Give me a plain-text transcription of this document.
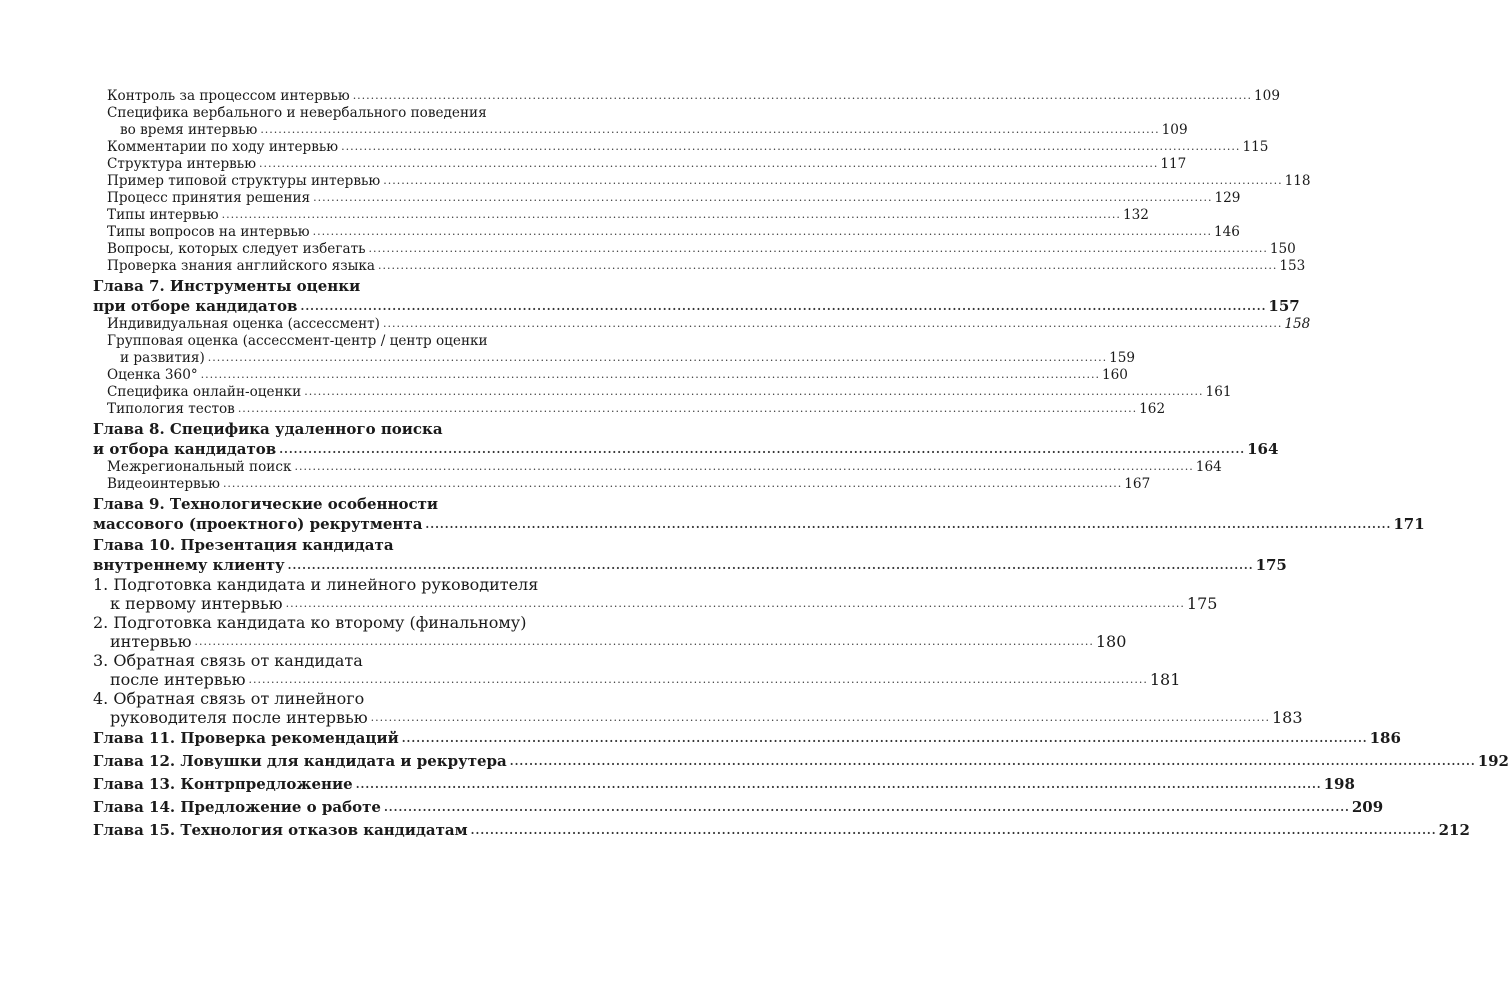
Контроль за процессом интервью ........................................................................................................................................................................................................ 109
Специфика вербального и невербального поведения
во время интервью ........................................................................................................................................................................................................ 109
Комментарии по ходу интервью ........................................................................................................................................................................................................ 115
Структура интервью ........................................................................................................................................................................................................ 117
Пример типовой структуры интервью ........................................................................................................................................................................................................ 118
Процесс принятия решения ........................................................................................................................................................................................................ 129
Типы интервью ........................................................................................................................................................................................................ 132
Типы вопросов на интервью ........................................................................................................................................................................................................ 146
Вопросы, которых следует избегать ........................................................................................................................................................................................................ 150
Проверка знания английского языка ........................................................................................................................................................................................................ 153
Глава 7. Инструменты оценки
при отборе кандидатов ........................................................................................................................................................................................................ 157
Индивидуальная оценка (ассессмент) ........................................................................................................................................................................................................ 158
Групповая оценка (ассессмент-центр / центр оценки
и развития) ........................................................................................................................................................................................................ 159
Оценка 360° ........................................................................................................................................................................................................ 160
Специфика онлайн-оценки ........................................................................................................................................................................................................ 161
Типология тестов ........................................................................................................................................................................................................ 162
Глава 8. Специфика удаленного поиска
и отбора кандидатов ........................................................................................................................................................................................................ 164
Межрегиональный поиск ........................................................................................................................................................................................................ 164
Видеоинтервью ........................................................................................................................................................................................................ 167
Глава 9. Технологические особенности
массового (проектного) рекрутмента ........................................................................................................................................................................................................ 171
Глава 10. Презентация кандидата
внутреннему клиенту ........................................................................................................................................................................................................ 175
1. Подготовка кандидата и линейного руководителя
к первому интервью ........................................................................................................................................................................................................ 175
2. Подготовка кандидата ко второму (финальному)
интервью ........................................................................................................................................................................................................ 180
3. Обратная связь от кандидата
после интервью ........................................................................................................................................................................................................ 181
4. Обратная связь от линейного
руководителя после интервью ........................................................................................................................................................................................................ 183
Глава 11. Проверка рекомендаций ........................................................................................................................................................................................................ 186
Глава 12. Ловушки для кандидата и рекрутера ........................................................................................................................................................................................................ 192
Глава 13. Контрпредложение ........................................................................................................................................................................................................ 198
Глава 14. Предложение о работе ........................................................................................................................................................................................................ 209
Глава 15. Технология отказов кандидатам ........................................................................................................................................................................................................ 212
